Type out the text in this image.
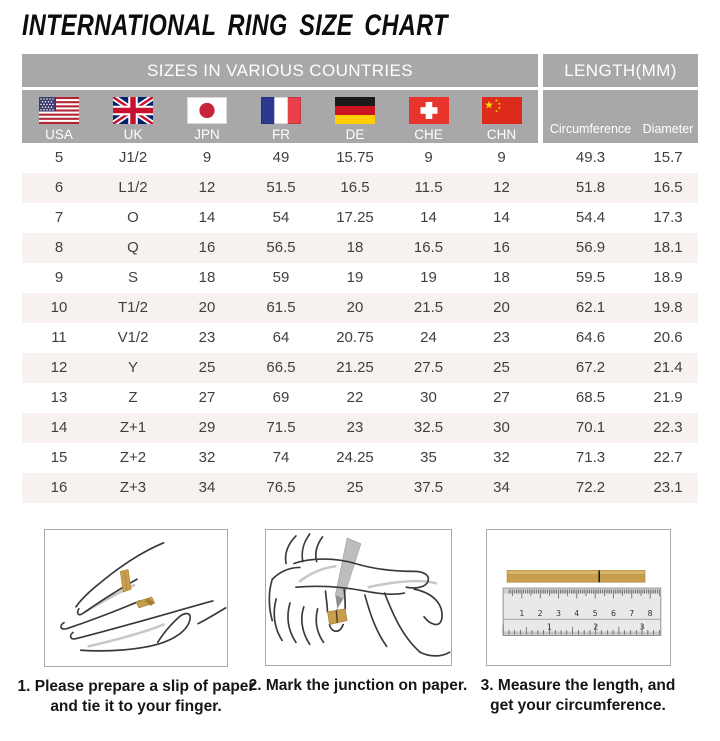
INTERNATIONAL RING SIZE CHART
SIZES IN VARIOUS COUNTRIES
USA	UK	JPN	FR	DE	CHE	CHN
LENGTH(MM)
Circumference Diameter
5	J1/2	9	49	15.75	9	9	49.3	15.7
6	L1/2	12	51.5	16.5	11.5	12	51.8	16.5
7	O	14	54	17.25	14	14	54.4	17.3
8	Q	16	56.5	18	16.5	16	56.9	18.1
9	S	18	59	19	19	18	59.5	18.9
10	T1/2	20	61.5	20	21.5	20	62.1	19.8
11	V1/2	23	64	20.75	24	23	64.6	20.6
12	Y	25	66.5	21.25	27.5	25	67.2	21.4
13	Z	27	69	22	30	27	68.5	21.9
14	Z+1	29	71.5	23	32.5	30	70.1	22.3
15	Z+2	32	74	24.25	35	32	71.3	22.7
16	Z+3	34	76.5	25	37.5	34	72.2	23.1
1. Please prepare a slip of paper
and tie it to your finger.
2. Mark the junction on paper.
1 2 3 4 5 6 7 8
1	2	3
3. Measure the length, and
get your circumference.
